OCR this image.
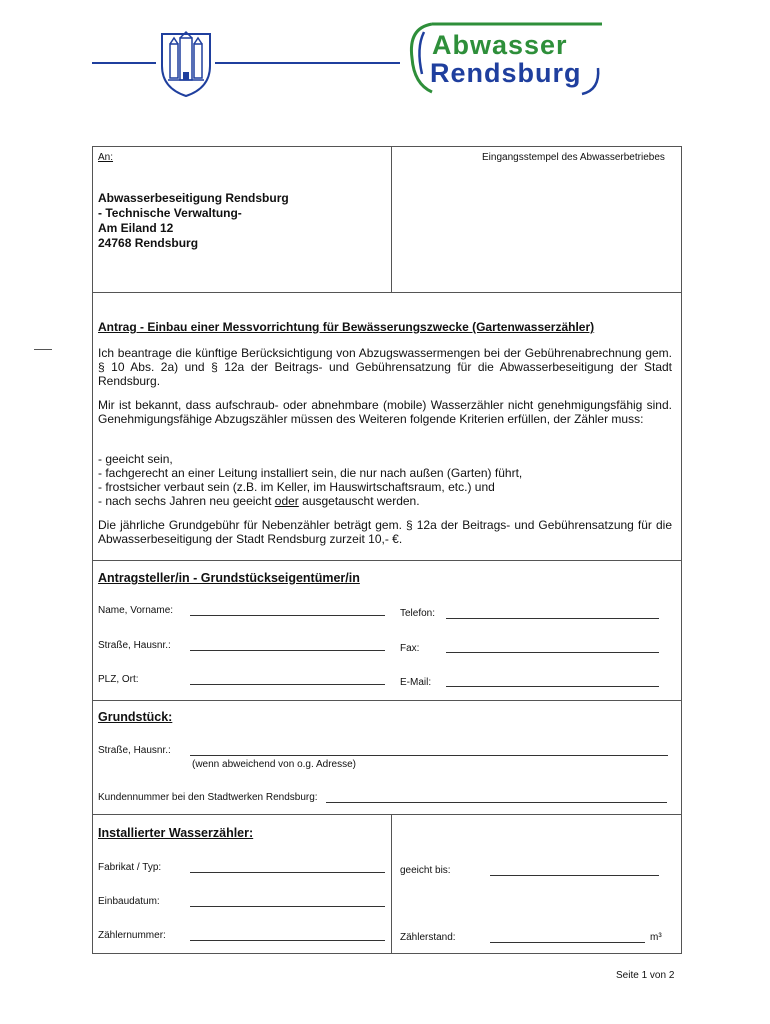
Abwasser
Rendsburg
An:	Eingangsstempel des Abwasserbetriebes
Abwasserbeseitigung Rendsburg
- Technische Verwaltung-
Am Eiland 12
24768 Rendsburg
Antrag - Einbau einer Messvorrichtung für Bewässerungszwecke (Gartenwasserzähler)
Ich beantrage die künftige Berücksichtigung von Abzugswassermengen bei der Gebührenabrechnung gem. § 10 Abs. 2a) und § 12a der Beitrags- und Gebührensatzung für die Abwasserbeseitigung der Stadt Rendsburg.
Mir ist bekannt, dass aufschraub- oder abnehmbare (mobile) Wasserzähler nicht genehmigungsfähig sind. Genehmigungsfähige Abzugszähler müssen des Weiteren folgende Kriterien erfüllen, der Zähler muss:
- geeicht sein,
- fachgerecht an einer Leitung installiert sein, die nur nach außen (Garten) führt,
- frostsicher verbaut sein (z.B. im Keller, im Hauswirtschaftsraum, etc.) und
- nach sechs Jahren neu geeicht oder ausgetauscht werden.
Die jährliche Grundgebühr für Nebenzähler beträgt gem. § 12a der Beitrags- und Gebührensatzung für die Abwasserbeseitigung der Stadt Rendsburg zurzeit 10,- €.
Antragsteller/in - Grundstückseigentümer/in
Name, Vorname:	Telefon:
Straße, Hausnr.:	Fax:
PLZ, Ort:	E-Mail:
Grundstück:
Straße, Hausnr.:
(wenn abweichend von o.g. Adresse)
Kundennummer bei den Stadtwerken Rendsburg:
Installierter Wasserzähler:
Fabrikat / Typ:	geeicht bis:
Einbaudatum:
Zählernummer:	Zählerstand:	m³
Seite 1 von 2
